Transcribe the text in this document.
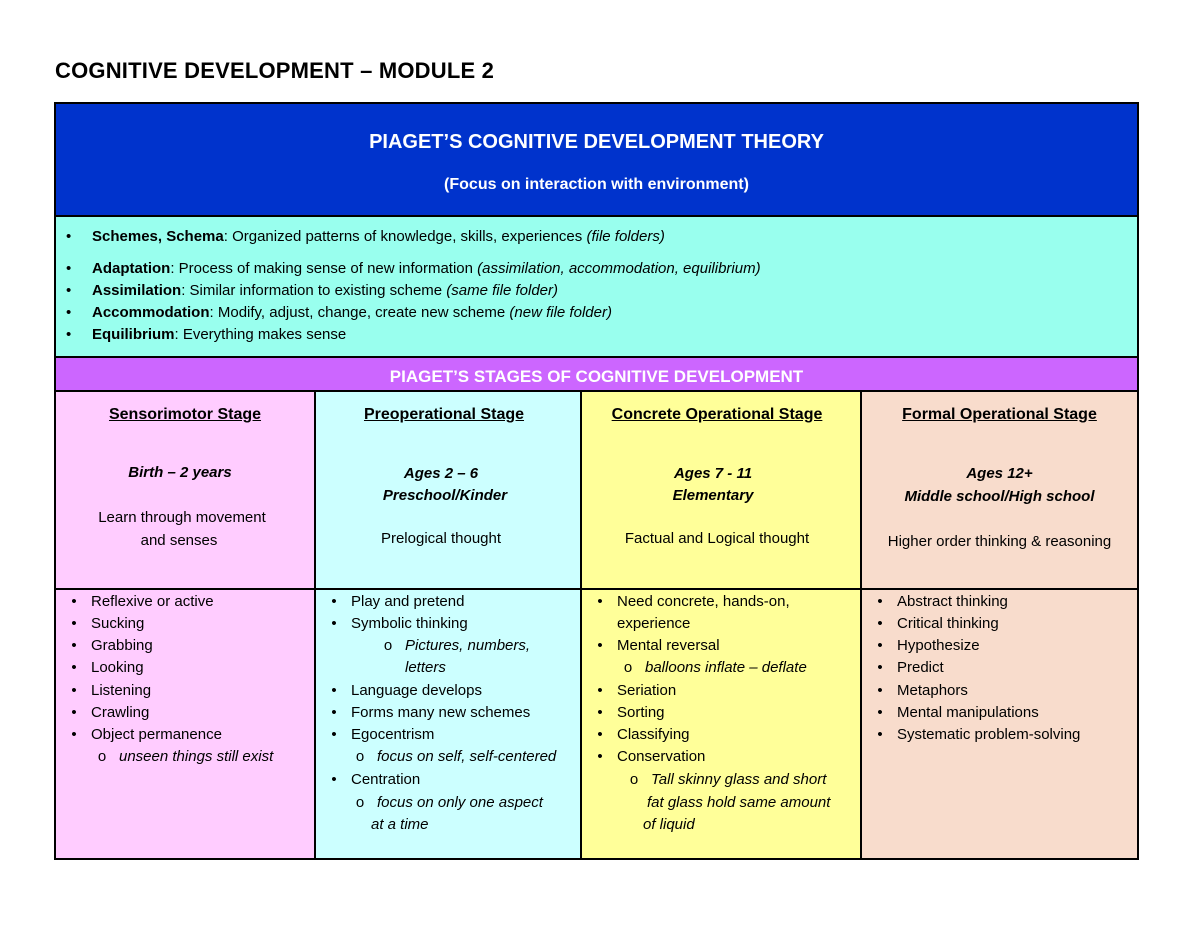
COGNITIVE DEVELOPMENT – MODULE 2
PIAGET’S COGNITIVE DEVELOPMENT THEORY
(Focus on interaction with environment)
• Schemes, Schema: Organized patterns of knowledge, skills, experiences (file folders)
• Adaptation: Process of making sense of new information (assimilation, accommodation, equilibrium)
• Assimilation: Similar information to existing scheme (same file folder)
• Accommodation: Modify, adjust, change, create new scheme (new file folder)
• Equilibrium: Everything makes sense
PIAGET’S STAGES OF COGNITIVE DEVELOPMENT
Sensorimotor Stage
Birth – 2 years
Learn through movement
and senses
• Reflexive or active
• Sucking
• Grabbing
• Looking
• Listening
• Crawling
• Object permanence
o unseen things still exist
Preoperational Stage
Ages 2 – 6
Preschool/Kinder
Prelogical thought
• Play and pretend
• Symbolic thinking
o Pictures, numbers,
letters
• Language develops
• Forms many new schemes
• Egocentrism
o focus on self, self-centered
• Centration
o focus on only one aspect
at a time
Concrete Operational Stage
Ages 7 - 11
Elementary
Factual and Logical thought
• Need concrete, hands-on,
experience
• Mental reversal
o balloons inflate – deflate
• Seriation
• Sorting
• Classifying
• Conservation
o Tall skinny glass and short
fat glass hold same amount
of liquid
Formal Operational Stage
Ages 12+
Middle school/High school
Higher order thinking & reasoning
• Abstract thinking
• Critical thinking
• Hypothesize
• Predict
• Metaphors
• Mental manipulations
• Systematic problem-solving
